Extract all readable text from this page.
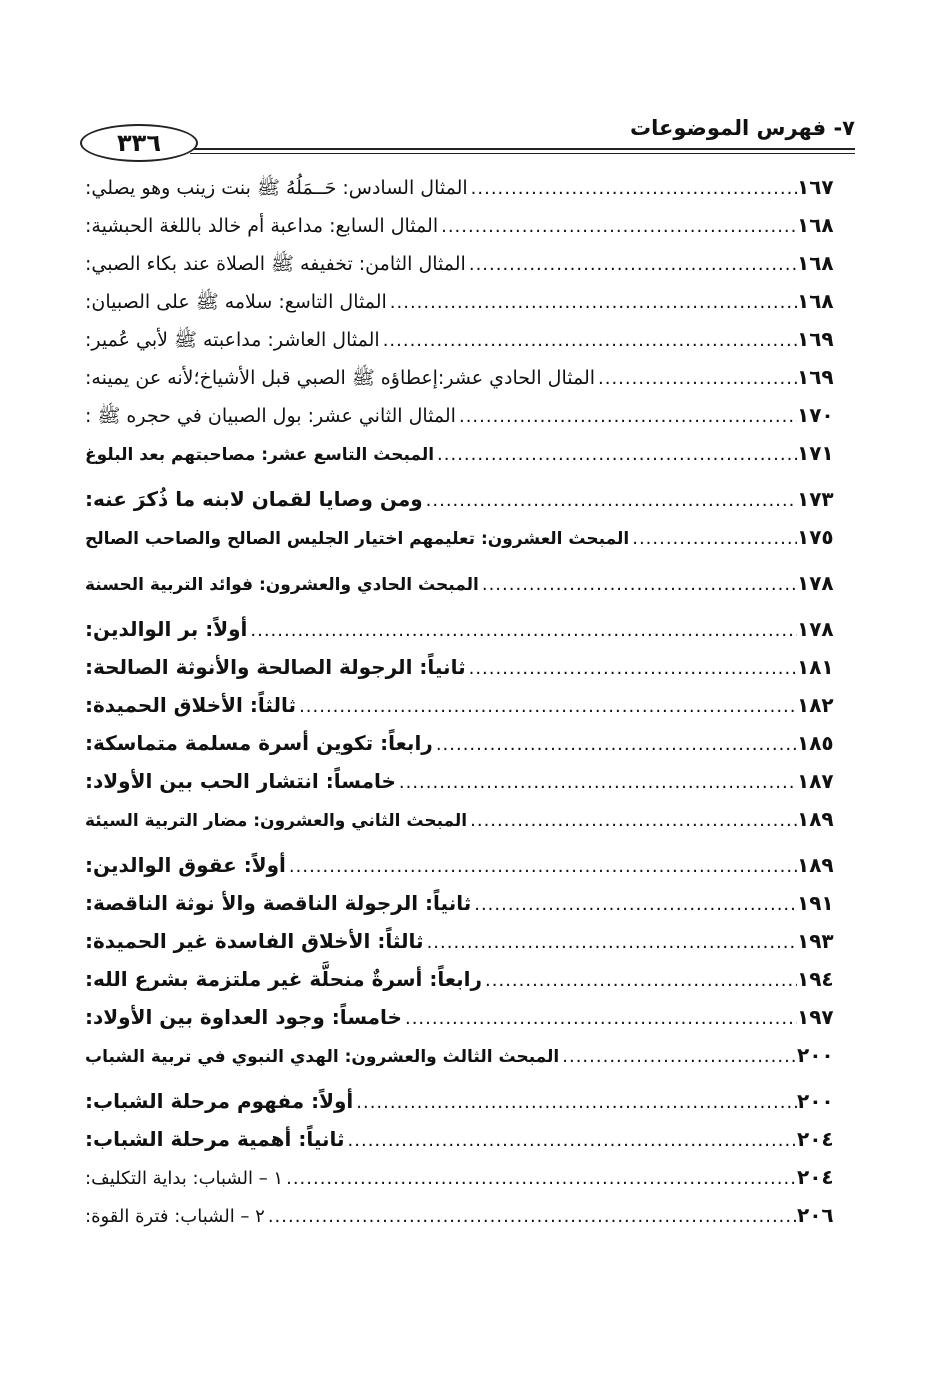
٧- فهرس الموضوعات
٣٣٦
المثال السادس: حَــمَلُهُ ﷺ بنت زينب وهو يصلي: .....	١٦٧
المثال السابع: مداعبة أم خالد باللغة الحبشية: .....	١٦٨
المثال الثامن: تخفيفه ﷺ الصلاة عند بكاء الصبي: .....	١٦٨
المثال التاسع: سلامه ﷺ على الصبيان: .....	١٦٨
المثال العاشر: مداعبته ﷺ لأبي عُمير: .....	١٦٩
المثال الحادي عشر:إعطاؤه ﷺ الصبي قبل الأشياخ؛لأنه عن يمينه: .....	١٦٩
المثال الثاني عشر: بول الصبيان في حجره ﷺ : .....	١٧٠
المبحث التاسع عشر: مصاحبتهم بعد البلوغ .....	١٧١
ومن وصايا لقمان لابنه ما ذُكرَ عنه: .....	١٧٣
المبحث العشرون: تعليمهم اختيار الجليس الصالح والصاحب الصالح .....	١٧٥
المبحث الحادي والعشرون: فوائد التربية الحسنة .....	١٧٨
أولاً: بر الوالدين: .....	١٧٨
ثانياً: الرجولة الصالحة والأنوثة الصالحة: .....	١٨١
ثالثاً: الأخلاق الحميدة: .....	١٨٢
رابعاً: تكوين أسرة مسلمة متماسكة: .....	١٨٥
خامساً: انتشار الحب بين الأولاد: .....	١٨٧
المبحث الثاني والعشرون: مضار التربية السيئة .....	١٨٩
أولاً: عقوق الوالدين: .....	١٨٩
ثانياً: الرجولة الناقصة والأ نوثة الناقصة: .....	١٩١
ثالثاً: الأخلاق الفاسدة غير الحميدة: .....	١٩٣
رابعاً: أسرةٌ منحلَّة غير ملتزمة بشرع الله: .....	١٩٤
خامساً: وجود العداوة بين الأولاد: .....	١٩٧
المبحث الثالث والعشرون: الهدي النبوي في تربية الشباب .....	٢٠٠
أولاً: مفهوم مرحلة الشباب: .....	٢٠٠
ثانياً: أهمية مرحلة الشباب: .....	٢٠٤
١ – الشباب: بداية التكليف: .....	٢٠٤
٢ – الشباب: فترة القوة: .....	٢٠٦
